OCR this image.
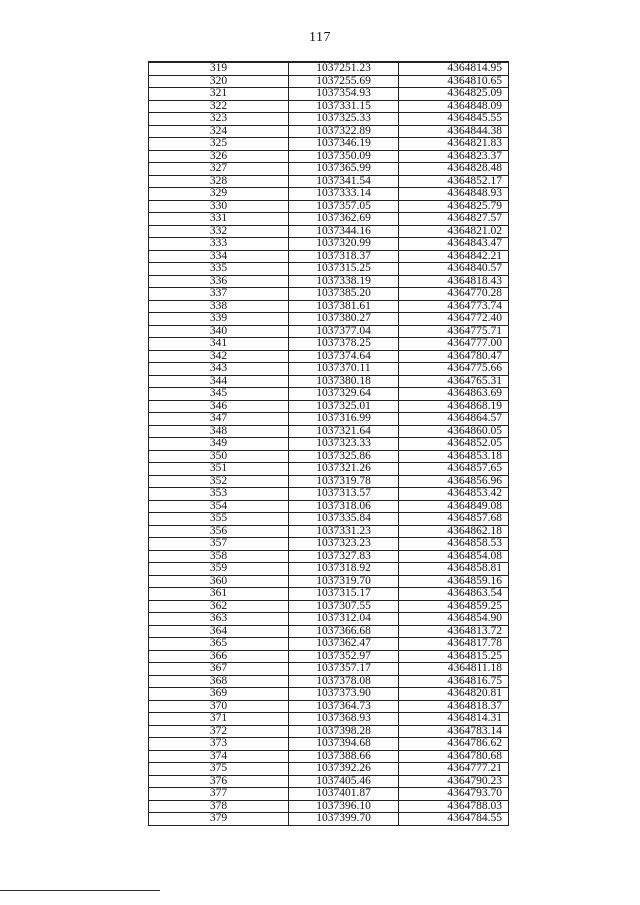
117
319	1037251.23	4364814.95
320	1037255.69	4364810.65
321	1037354.93	4364825.09
322	1037331.15	4364848.09
323	1037325.33	4364845.55
324	1037322.89	4364844.38
325	1037346.19	4364821.83
326	1037350.09	4364823.37
327	1037365.99	4364828.48
328	1037341.54	4364852.17
329	1037333.14	4364848.93
330	1037357.05	4364825.79
331	1037362.69	4364827.57
332	1037344.16	4364821.02
333	1037320.99	4364843.47
334	1037318.37	4364842.21
335	1037315.25	4364840.57
336	1037338.19	4364818.43
337	1037385.20	4364770.28
338	1037381.61	4364773.74
339	1037380.27	4364772.40
340	1037377.04	4364775.71
341	1037378.25	4364777.00
342	1037374.64	4364780.47
343	1037370.11	4364775.66
344	1037380.18	4364765.31
345	1037329.64	4364863.69
346	1037325.01	4364868.19
347	1037316.99	4364864.57
348	1037321.64	4364860.05
349	1037323.33	4364852.05
350	1037325.86	4364853.18
351	1037321.26	4364857.65
352	1037319.78	4364856.96
353	1037313.57	4364853.42
354	1037318.06	4364849.08
355	1037335.84	4364857.68
356	1037331.23	4364862.18
357	1037323.23	4364858.53
358	1037327.83	4364854.08
359	1037318.92	4364858.81
360	1037319.70	4364859.16
361	1037315.17	4364863.54
362	1037307.55	4364859.25
363	1037312.04	4364854.90
364	1037366.68	4364813.72
365	1037362.47	4364817.78
366	1037352.97	4364815.25
367	1037357.17	4364811.18
368	1037378.08	4364816.75
369	1037373.90	4364820.81
370	1037364.73	4364818.37
371	1037368.93	4364814.31
372	1037398.28	4364783.14
373	1037394.68	4364786.62
374	1037388.66	4364780.68
375	1037392.26	4364777.21
376	1037405.46	4364790.23
377	1037401.87	4364793.70
378	1037396.10	4364788.03
379	1037399.70	4364784.55
